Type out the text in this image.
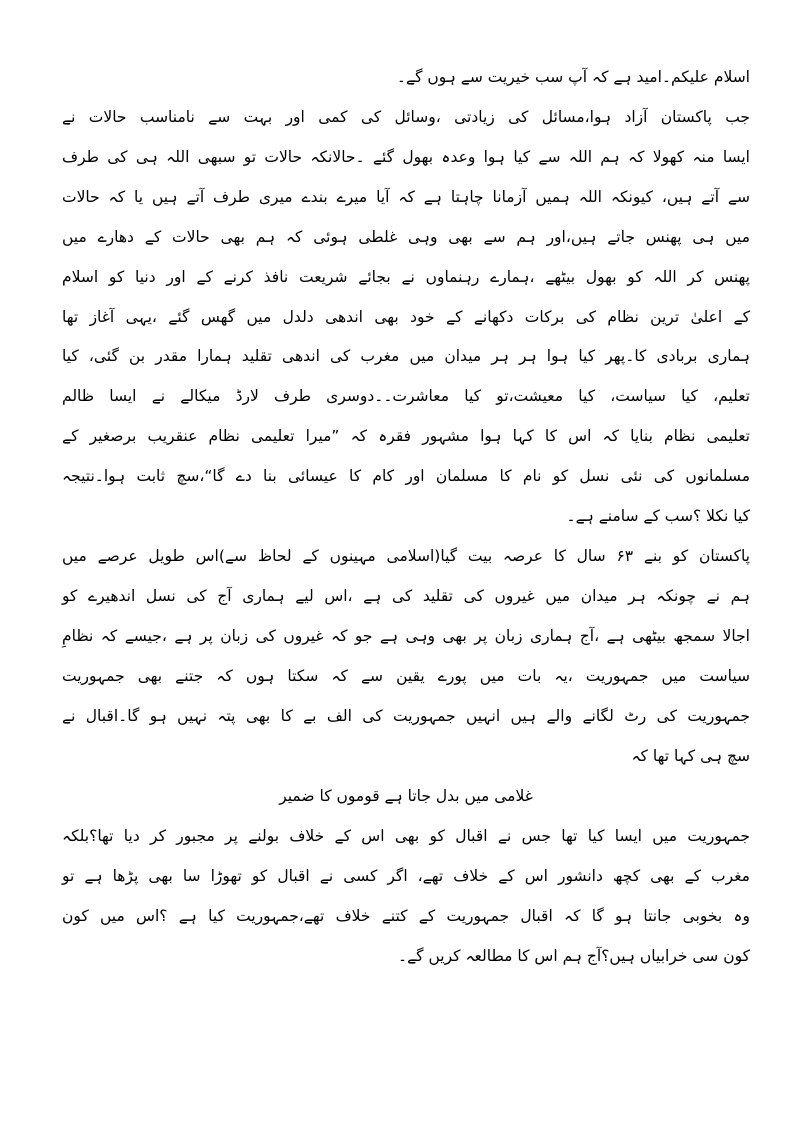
اسلام علیکم۔امید ہے کہ آپ سب خیریت سے ہوں گے۔
جب پاکستان آزاد ہوا،مسائل کی زیادتی ،وسائل کی کمی اور بہت سے نامناسب حالات نے
ایسا منہ کھولا کہ ہم اللہ سے کیا ہوا وعدہ بھول گئے ۔حالانکہ حالات تو سبھی اللہ ہی کی طرف
سے آتے ہیں، کیونکہ اللہ ہمیں آزمانا چاہتا ہے کہ آیا میرے بندے میری طرف آتے ہیں یا کہ حالات
میں ہی پھنس جاتے ہیں،اور ہم سے بھی وہی غلطی ہوئی کہ ہم بھی حالات کے دھارے میں
پھنس کر اللہ کو بھول بیٹھے ،ہمارے رہنماوں نے بجائے شریعت نافذ کرنے کے اور دنیا کو اسلام
کے اعلیٰ ترین نظام کی برکات دکھانے کے خود بھی اندھی دلدل میں گھس گئے ،یہی آغاز تھا
ہماری بربادی کا۔پھر کیا ہوا ہر ہر میدان میں مغرب کی اندھی تقلید ہمارا مقدر بن گئی، کیا
تعلیم، کیا سیاست، کیا معیشت،تو کیا معاشرت۔۔دوسری طرف لارڈ میکالے نے ایسا ظالم
تعلیمی نظام بنایا کہ اس کا کہا ہوا مشہور فقرہ کہ ”میرا تعلیمی نظام عنقریب برصغیر کے
مسلمانوں کی نئی نسل کو نام کا مسلمان اور کام کا عیسائی بنا دے گا“،سچ ثابت ہوا۔نتیجہ
کیا نکلا ؟سب کے سامنے ہے۔
پاکستان کو بنے ۶۳ سال کا عرصہ بیت گیا(اسلامی مہینوں کے لحاظ سے)اس طویل عرصے میں
ہم نے چونکہ ہر میدان میں غیروں کی تقلید کی ہے ،اس لیے ہماری آج کی نسل اندھیرے کو
اجالا سمجھ بیٹھی ہے ،آج ہماری زبان پر بھی وہی ہے جو کہ غیروں کی زبان پر ہے ،جیسے کہ نظامِ
سیاست میں جمہوریت ،یہ بات میں پورے یقین سے کہ سکتا ہوں کہ جتنے بھی جمہوریت
جمہوریت کی رٹ لگانے والے ہیں انہیں جمہوریت کی الف بے کا بھی پتہ نہیں ہو گا۔اقبال نے
سچ ہی کہا تھا کہ
غلامی میں بدل جاتا ہے قوموں کا ضمیر
جمہوریت میں ایسا کیا تھا جس نے اقبال کو بھی اس کے خلاف بولنے پر مجبور کر دیا تھا؟بلکہ
مغرب کے بھی کچھ دانشور اس کے خلاف تھے، اگر کسی نے اقبال کو تھوڑا سا بھی پڑھا ہے تو
وہ بخوبی جانتا ہو گا کہ اقبال جمہوریت کے کتنے خلاف تھے،جمہوریت کیا ہے ؟اس میں کون
کون سی خرابیاں ہیں؟آج ہم اس کا مطالعہ کریں گے۔
